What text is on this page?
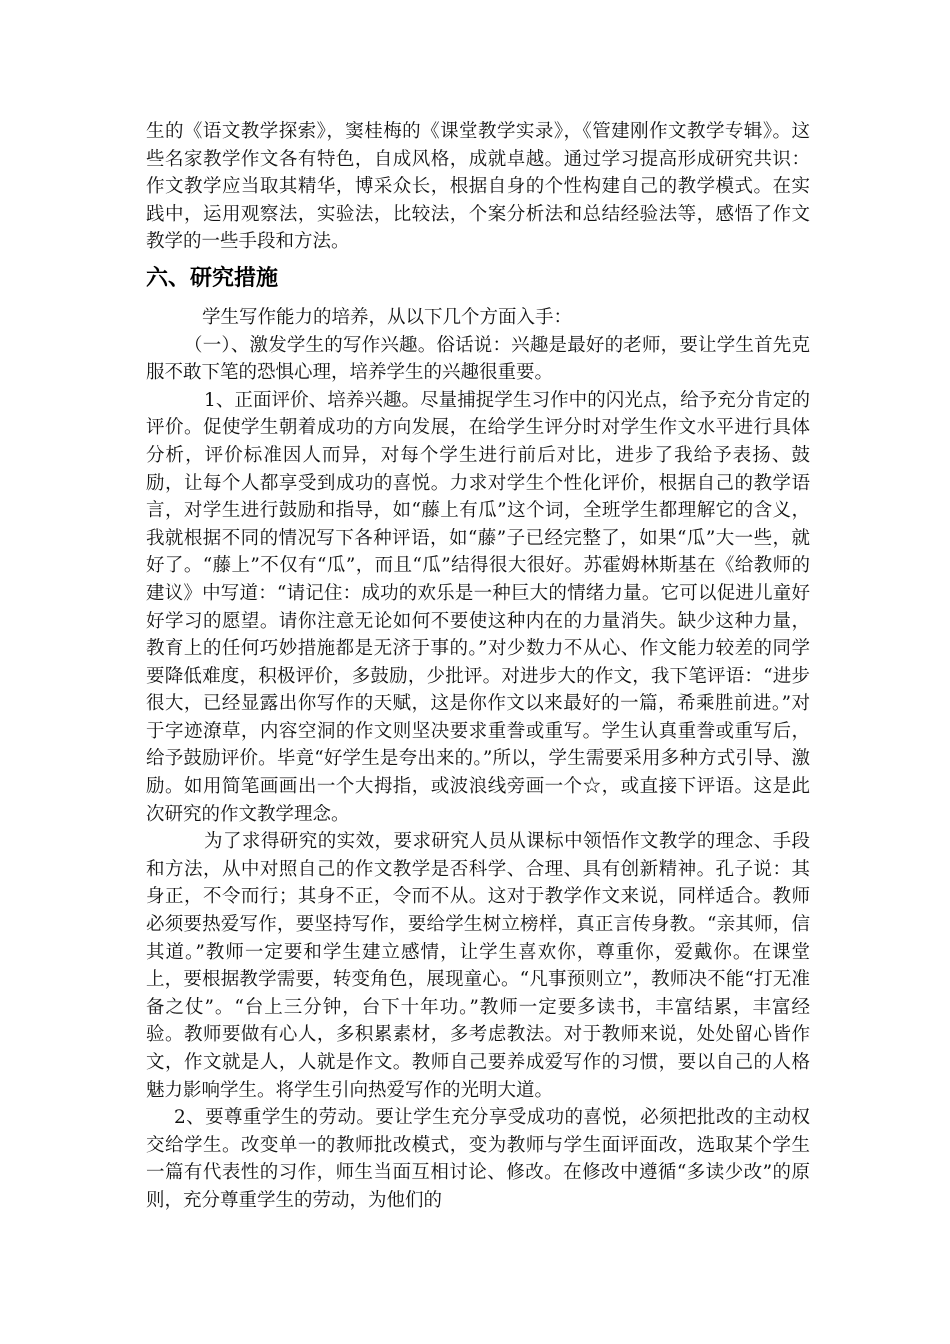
生的《语文教学探索》，窦桂梅的《课堂教学实录》，《管建刚作文教学专辑》。这些名家教学作文各有特色，自成风格，成就卓越。通过学习提高形成研究共识：作文教学应当取其精华，博采众长，根据自身的个性构建自己的教学模式。在实践中，运用观察法，实验法，比较法，个案分析法和总结经验法等，感悟了作文教学的一些手段和方法。

六、研究措施

学生写作能力的培养，从以下几个方面入手：

（一）、激发学生的写作兴趣。俗话说：兴趣是最好的老师，要让学生首先克服不敢下笔的恐惧心理，培养学生的兴趣很重要。

1、正面评价、培养兴趣。尽量捕捉学生习作中的闪光点，给予充分肯定的评价。促使学生朝着成功的方向发展，在给学生评分时对学生作文水平进行具体分析，评价标准因人而异，对每个学生进行前后对比，进步了我给予表扬、鼓励，让每个人都享受到成功的喜悦。力求对学生个性化评价，根据自己的教学语言，对学生进行鼓励和指导，如“藤上有瓜”这个词，全班学生都理解它的含义，我就根据不同的情况写下各种评语，如“藤”子已经完整了，如果“瓜”大一些，就好了。“藤上”不仅有“瓜”，而且“瓜”结得很大很好。苏霍姆林斯基在《给教师的建议》中写道：“请记住：成功的欢乐是一种巨大的情绪力量。它可以促进儿童好好学习的愿望。请你注意无论如何不要使这种内在的力量消失。缺少这种力量，教育上的任何巧妙措施都是无济于事的。”对少数力不从心、作文能力较差的同学要降低难度，积极评价，多鼓励，少批评。对进步大的作文，我下笔评语：“进步很大，已经显露出你写作的天赋，这是你作文以来最好的一篇，希乘胜前进。”对于字迹潦草，内容空洞的作文则坚决要求重誊或重写。学生认真重誊或重写后，给予鼓励评价。毕竟“好学生是夸出来的。”所以，学生需要采用多种方式引导、激励。如用简笔画画出一个大拇指，或波浪线旁画一个☆，或直接下评语。这是此次研究的作文教学理念。

为了求得研究的实效，要求研究人员从课标中领悟作文教学的理念、手段和方法，从中对照自己的作文教学是否科学、合理、具有创新精神。孔子说：其身正，不令而行；其身不正，令而不从。这对于教学作文来说，同样适合。教师必须要热爱写作，要坚持写作，要给学生树立榜样，真正言传身教。“亲其师，信其道。”教师一定要和学生建立感情，让学生喜欢你，尊重你，爱戴你。在课堂上，要根据教学需要，转变角色，展现童心。“凡事预则立”，教师决不能“打无准备之仗”。“台上三分钟，台下十年功。”教师一定要多读书，丰富结累，丰富经验。教师要做有心人，多积累素材，多考虑教法。对于教师来说，处处留心皆作文，作文就是人，人就是作文。教师自己要养成爱写作的习惯，要以自己的人格魅力影响学生。将学生引向热爱写作的光明大道。

2、要尊重学生的劳动。要让学生充分享受成功的喜悦，必须把批改的主动权交给学生。改变单一的教师批改模式，变为教师与学生面评面改，选取某个学生一篇有代表性的习作，师生当面互相讨论、修改。在修改中遵循“多读少改”的原则，充分尊重学生的劳动，为他们的
